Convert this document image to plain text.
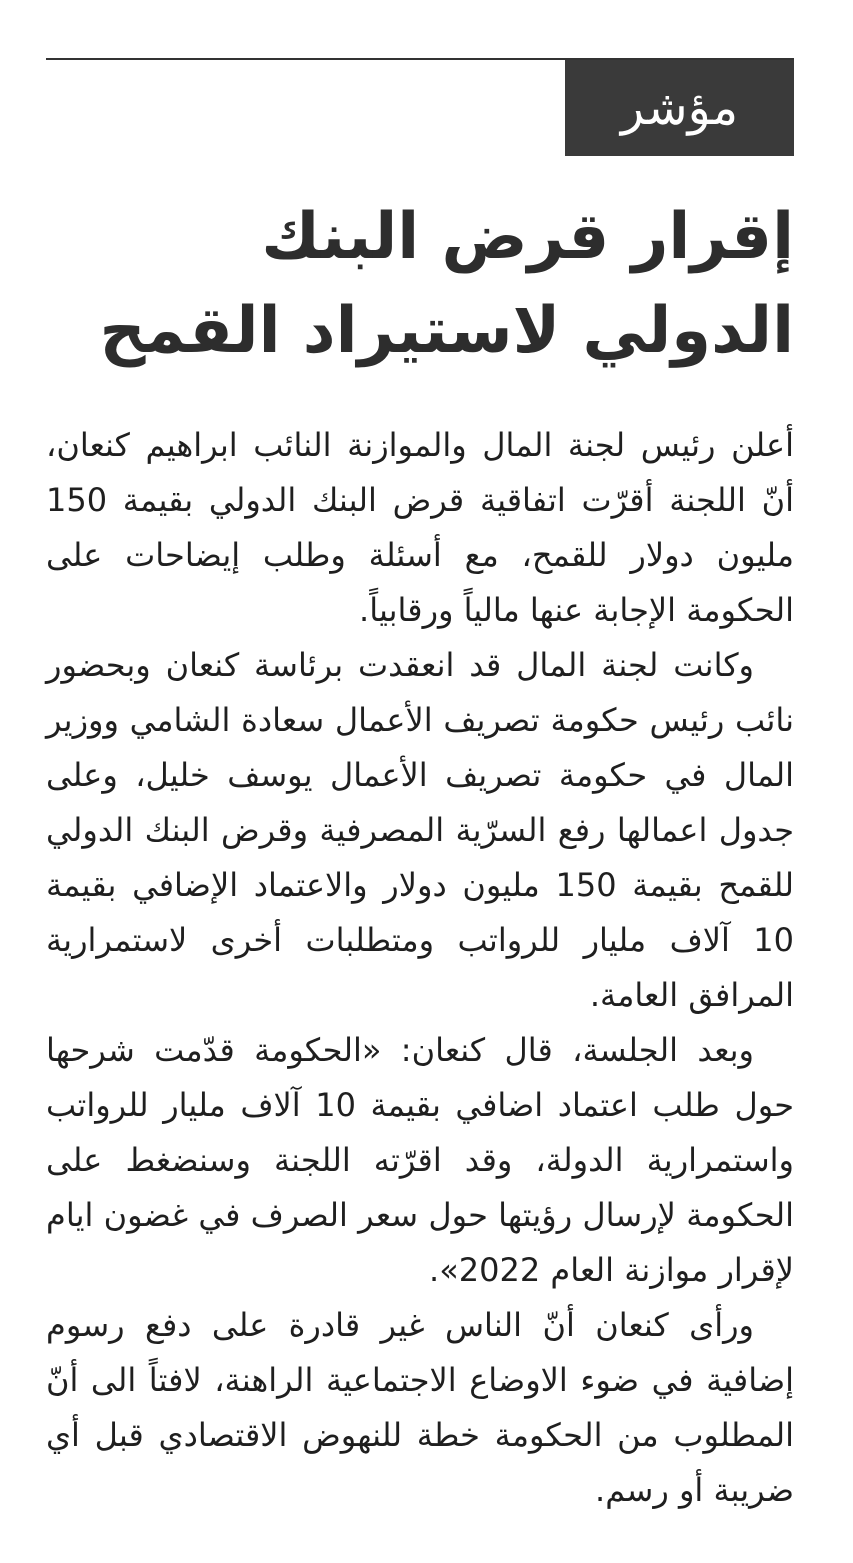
مؤشر
إقرار قرض البنك الدولي لاستيراد القمح

أعلن رئيس لجنة المال والموازنة النائب ابراهيم كنعان، أنّ اللجنة أقرّت اتفاقية قرض البنك الدولي بقيمة 150 مليون دولار للقمح، مع أسئلة وطلب إيضاحات على الحكومة الإجابة عنها مالياً ورقابياً.

وكانت لجنة المال قد انعقدت برئاسة كنعان وبحضور نائب رئيس حكومة تصريف الأعمال سعادة الشامي ووزير المال في حكومة تصريف الأعمال يوسف خليل، وعلى جدول اعمالها رفع السرّية المصرفية وقرض البنك الدولي للقمح بقيمة 150 مليون دولار والاعتماد الإضافي بقيمة 10 آلاف مليار للرواتب ومتطلبات أخرى لاستمرارية المرافق العامة.

وبعد الجلسة، قال كنعان: «الحكومة قدّمت شرحها حول طلب اعتماد اضافي بقيمة 10 آلاف مليار للرواتب واستمرارية الدولة، وقد اقرّته اللجنة وسنضغط على الحكومة لإرسال رؤيتها حول سعر الصرف في غضون ايام لإقرار موازنة العام 2022».

ورأى كنعان أنّ الناس غير قادرة على دفع رسوم إضافية في ضوء الاوضاع الاجتماعية الراهنة، لافتاً الى أنّ المطلوب من الحكومة خطة للنهوض الاقتصادي قبل أي ضريبة أو رسم.
